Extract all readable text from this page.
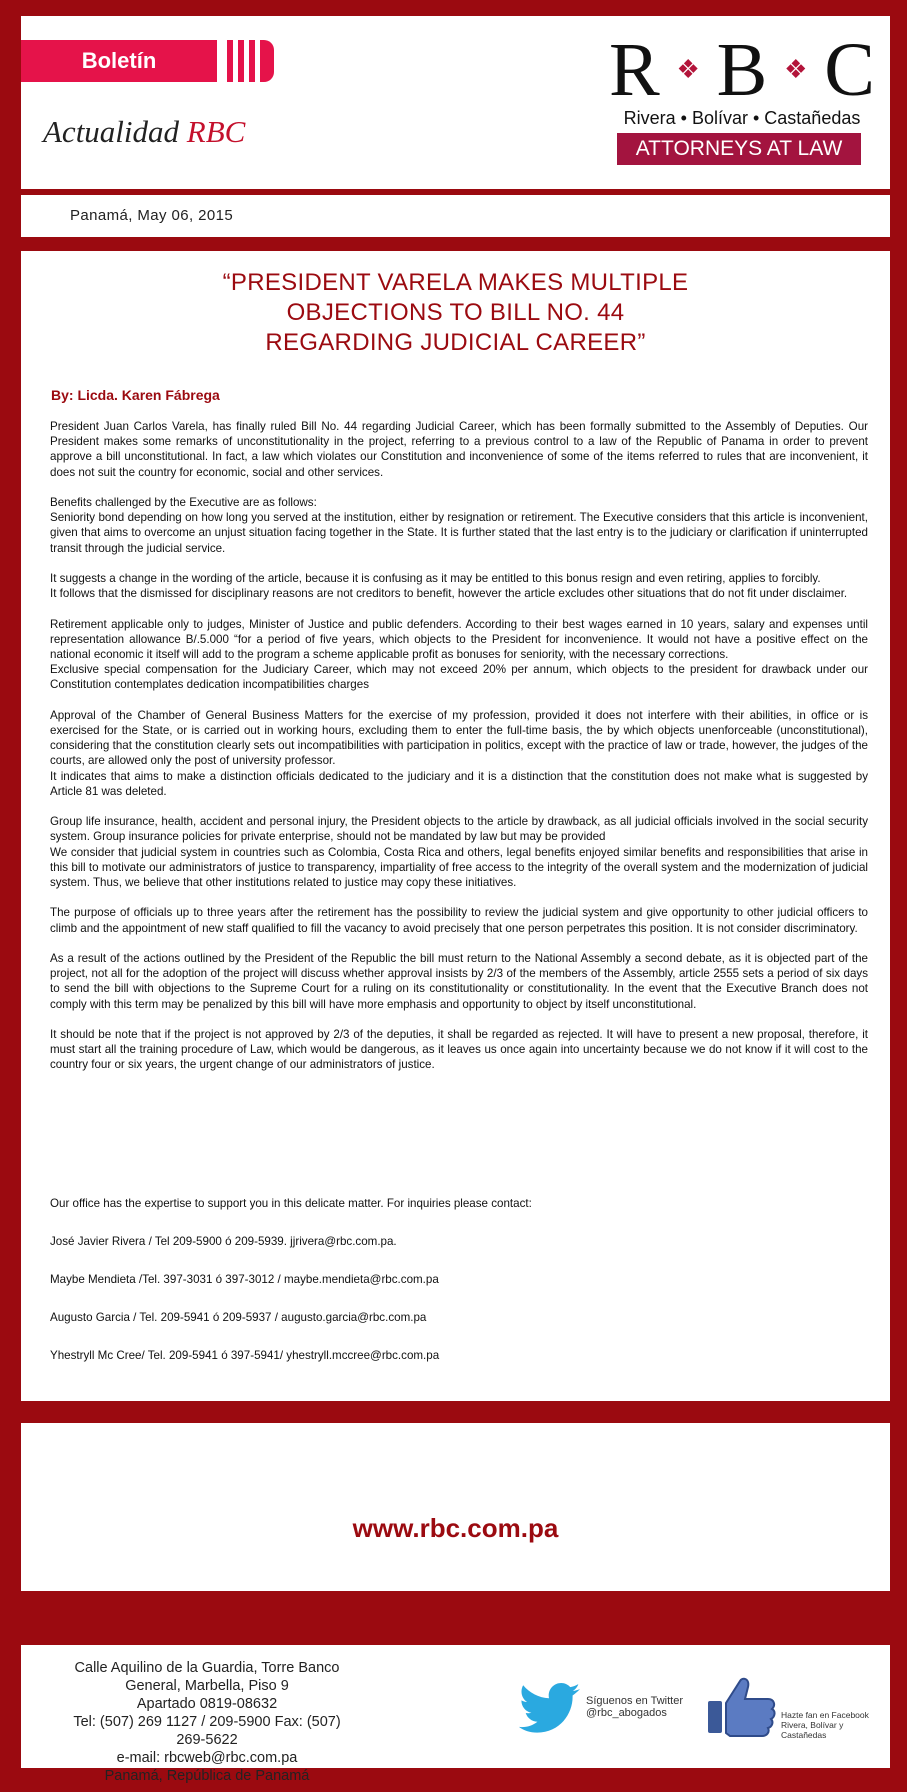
Boletín
Actualidad RBC
R ❖ B ❖ C
Rivera • Bolívar • Castañedas
ATTORNEYS AT LAW
Panamá, May 06, 2015
“PRESIDENT VARELA MAKES MULTIPLE
OBJECTIONS TO BILL NO. 44
REGARDING JUDICIAL CAREER”
By: Licda. Karen Fábrega

President Juan Carlos Varela, has finally ruled Bill No. 44 regarding Judicial Career, which has been formally submitted to the Assembly of Deputies. Our President makes some remarks of unconstitutionality in the project, referring to a previous control to a law of the Republic of Panama in order to prevent approve a bill unconstitutional. In fact, a law which violates our Constitution and inconvenience of some of the items referred to rules that are inconvenient, it does not suit the country for economic, social and other services.

Benefits challenged by the Executive are as follows:
Seniority bond depending on how long you served at the institution, either by resignation or retirement. The Executive considers that this article is inconvenient, given that aims to overcome an unjust situation facing together in the State. It is further stated that the last entry is to the judiciary or clarification if uninterrupted transit through the judicial service.

It suggests a change in the wording of the article, because it is confusing as it may be entitled to this bonus resign and even retiring, applies to forcibly.
It follows that the dismissed for disciplinary reasons are not creditors to benefit, however the article excludes other situations that do not fit under disclaimer.

Retirement applicable only to judges, Minister of Justice and public defenders. According to their best wages earned in 10 years, salary and expenses until representation allowance B/.5.000 “for a period of five years, which objects to the President for inconvenience. It would not have a positive effect on the national economic it itself will add to the program a scheme applicable profit as bonuses for seniority, with the necessary corrections.
Exclusive special compensation for the Judiciary Career, which may not exceed 20% per annum, which objects to the president for drawback under our Constitution contemplates dedication incompatibilities charges

Approval of the Chamber of General Business Matters for the exercise of my profession, provided it does not interfere with their abilities, in office or is exercised for the State, or is carried out in working hours, excluding them to enter the full-time basis, the by which objects unenforceable (unconstitutional), considering that the constitution clearly sets out incompatibilities with participation in politics, except with the practice of law or trade, however, the judges of the courts, are allowed only the post of university professor.
It indicates that aims to make a distinction officials dedicated to the judiciary and it is a distinction that the constitution does not make what is suggested by Article 81 was deleted.

Group life insurance, health, accident and personal injury, the President objects to the article by drawback, as all judicial officials involved in the social security system. Group insurance policies for private enterprise, should not be mandated by law but may be provided
We consider that judicial system in countries such as Colombia, Costa Rica and others, legal benefits enjoyed similar benefits and responsibilities that arise in this bill to motivate our administrators of justice to transparency, impartiality of free access to the integrity of the overall system and the modernization of judicial system. Thus, we believe that other institutions related to justice may copy these initiatives.

The purpose of officials up to three years after the retirement has the possibility to review the judicial system and give opportunity to other judicial officers to climb and the appointment of new staff qualified to fill the vacancy to avoid precisely that one person perpetrates this position. It is not consider discriminatory.

As a result of the actions outlined by the President of the Republic the bill must return to the National Assembly a second debate, as it is objected part of the project, not all for the adoption of the project will discuss whether approval insists by 2/3 of the members of the Assembly, article 2555 sets a period of six days to send the bill with objections to the Supreme Court for a ruling on its constitutionality or constitutionality. In the event that the Executive Branch does not comply with this term may be penalized by this bill will have more emphasis and opportunity to object by itself unconstitutional.

It should be note that if the project is not approved by 2/3 of the deputies, it shall be regarded as rejected. It will have to present a new proposal, therefore, it must start all the training procedure of Law, which would be dangerous, as it leaves us once again into uncertainty because we do not know if it will cost to the country four or six years, the urgent change of our administrators of justice.

Our office has the expertise to support you in this delicate matter. For inquiries please contact:
José Javier Rivera / Tel 209-5900 ó 209-5939. jjrivera@rbc.com.pa.
Maybe Mendieta /Tel. 397-3031 ó 397-3012 / maybe.mendieta@rbc.com.pa
Augusto Garcia / Tel. 209-5941 ó 209-5937 / augusto.garcia@rbc.com.pa
Yhestryll Mc Cree/ Tel. 209-5941 ó 397-5941/ yhestryll.mccree@rbc.com.pa
www.rbc.com.pa
Calle Aquilino de la Guardia, Torre Banco General, Marbella, Piso 9
Apartado 0819-08632
Tel: (507) 269 1127 / 209-5900 Fax: (507) 269-5622
e-mail: rbcweb@rbc.com.pa
Panamá, República de Panamá
Síguenos en Twitter
@rbc_abogados	Hazte fan en Facebook
Rivera, Bolívar y Castañedas
